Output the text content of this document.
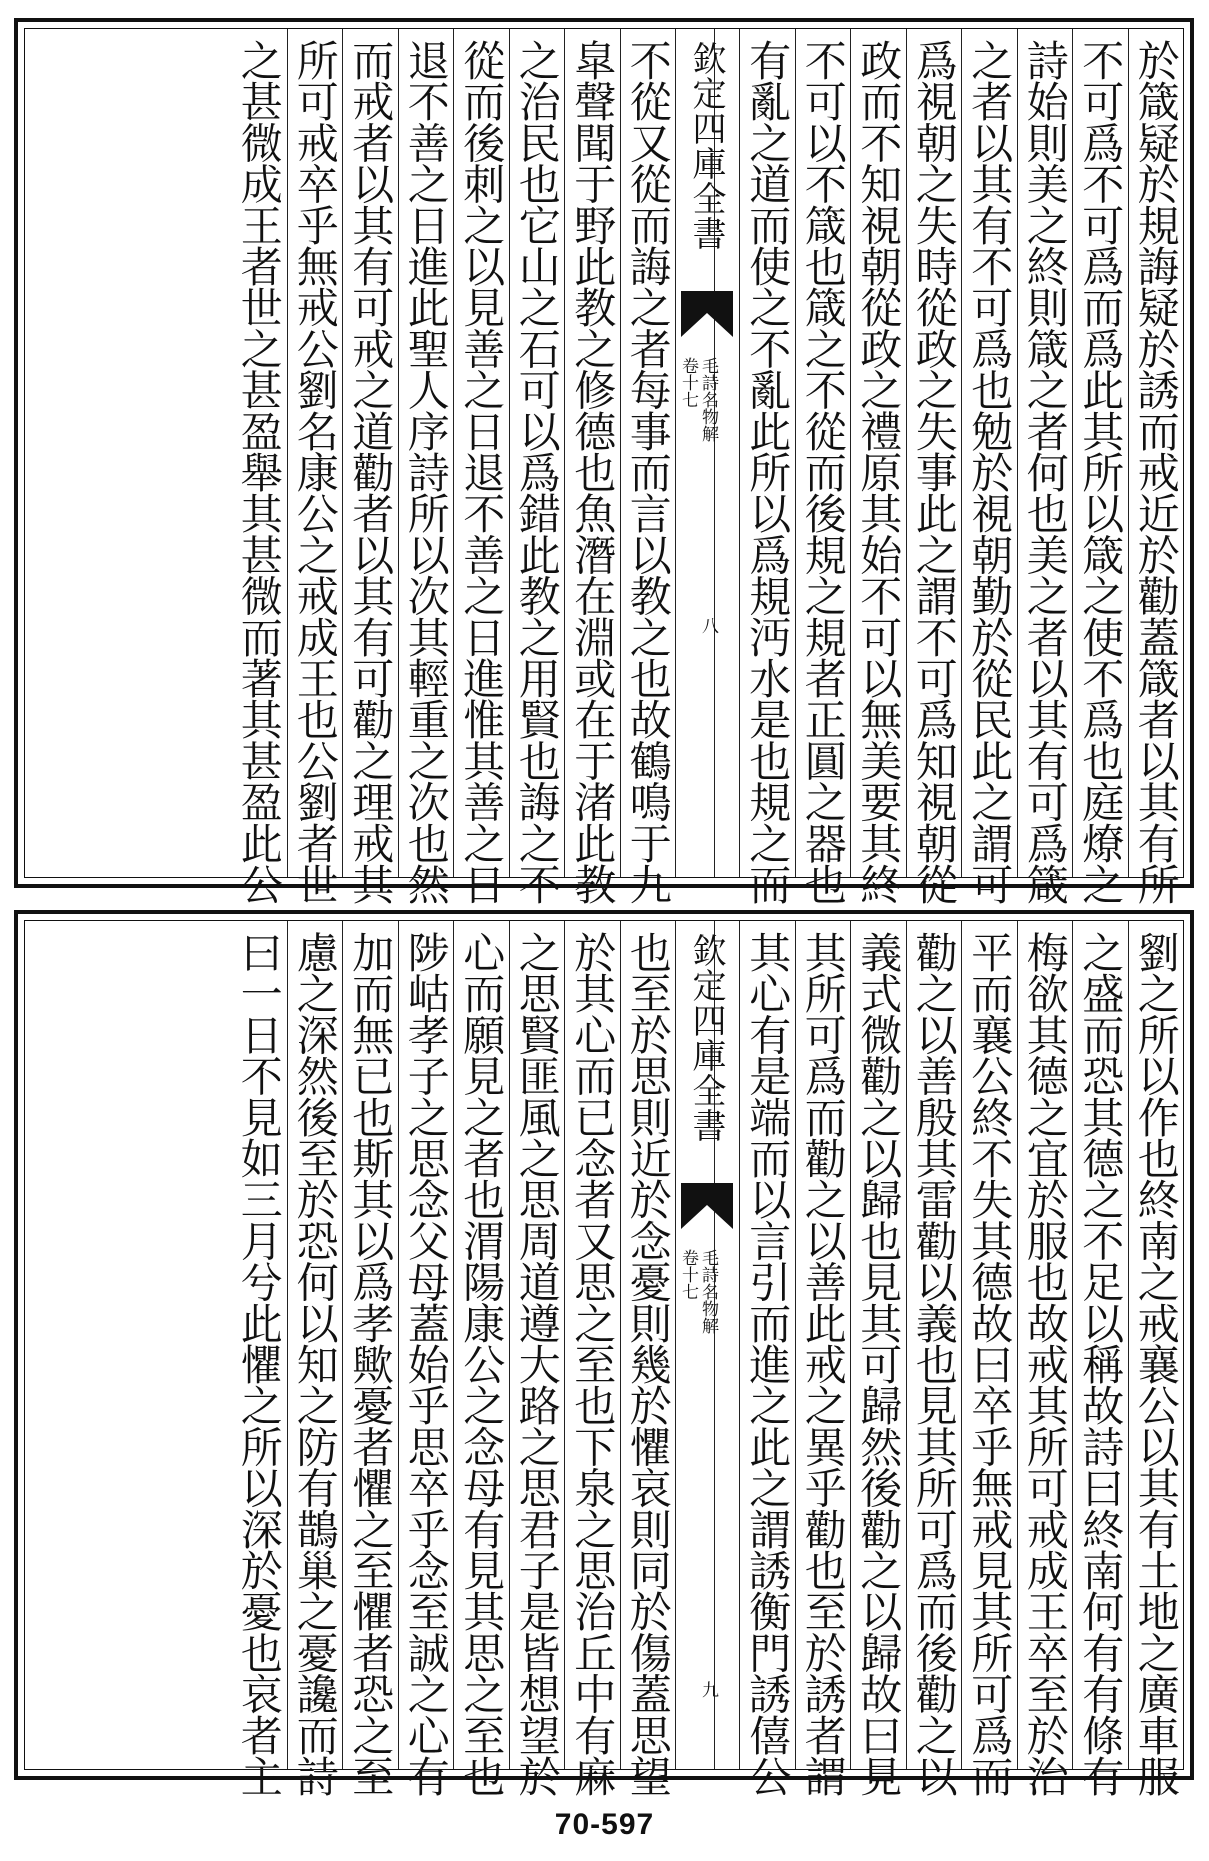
於箴疑於規誨疑於誘而戒近於勸蓋箴者以其有所
不可爲不可爲而爲此其所以箴之使不爲也庭燎之
詩始則美之終則箴之者何也美之者以其有可爲箴
之者以其有不可爲也勉於視朝勤於從民此之謂可
爲視朝之失時從政之失事此之謂不可爲知視朝從
政而不知視朝從政之禮原其始不可以無美要其終
不可以不箴也箴之不從而後規之規者正圓之器也
有亂之道而使之不亂此所以爲規沔水是也規之而
欽定四庫全書
毛詩名物解
卷十七
八
不從又從而誨之者每事而言以教之也故鶴鳴于九
皐聲聞于野此教之修德也魚潛在淵或在于渚此教
之治民也它山之石可以爲錯此教之用賢也誨之不
從而後刺之以見善之日退不善之日進惟其善之日
退不善之日進此聖人序詩所以次其輕重之次也然
而戒者以其有可戒之道勸者以其有可勸之理戒其
所可戒卒乎無戒公劉名康公之戒成王也公劉者世
之甚微成王者世之甚盈舉其甚微而著其甚盈此公
劉之所以作也終南之戒襄公以其有土地之廣車服
之盛而恐其德之不足以稱故詩曰終南何有有條有
梅欲其德之宜於服也故戒其所可戒成王卒至於治
平而襄公終不失其德故曰卒乎無戒見其所可爲而
勸之以善殷其雷勸以義也見其所可爲而後勸之以
義式微勸之以歸也見其可歸然後勸之以歸故曰見
其所可爲而勸之以善此戒之異乎勸也至於誘者謂
其心有是端而以言引而進之此之謂誘衡門誘僖公
欽定四庫全書
毛詩名物解
卷十七
九
也至於思則近於念憂則幾於懼哀則同於傷蓋思望
於其心而已念者又思之至也下泉之思治丘中有麻
之思賢匪風之思周道遵大路之思君子是皆想望於
心而願見之者也渭陽康公之念母有見其思之至也
陟岵孝子之思念父母蓋始乎思卒乎念至誠之心有
加而無已也斯其以爲孝歟憂者懼之至懼者恐之至
慮之深然後至於恐何以知之防有鵲巢之憂讒而詩
曰一日不見如三月兮此懼之所以深於憂也哀者主
70-597
